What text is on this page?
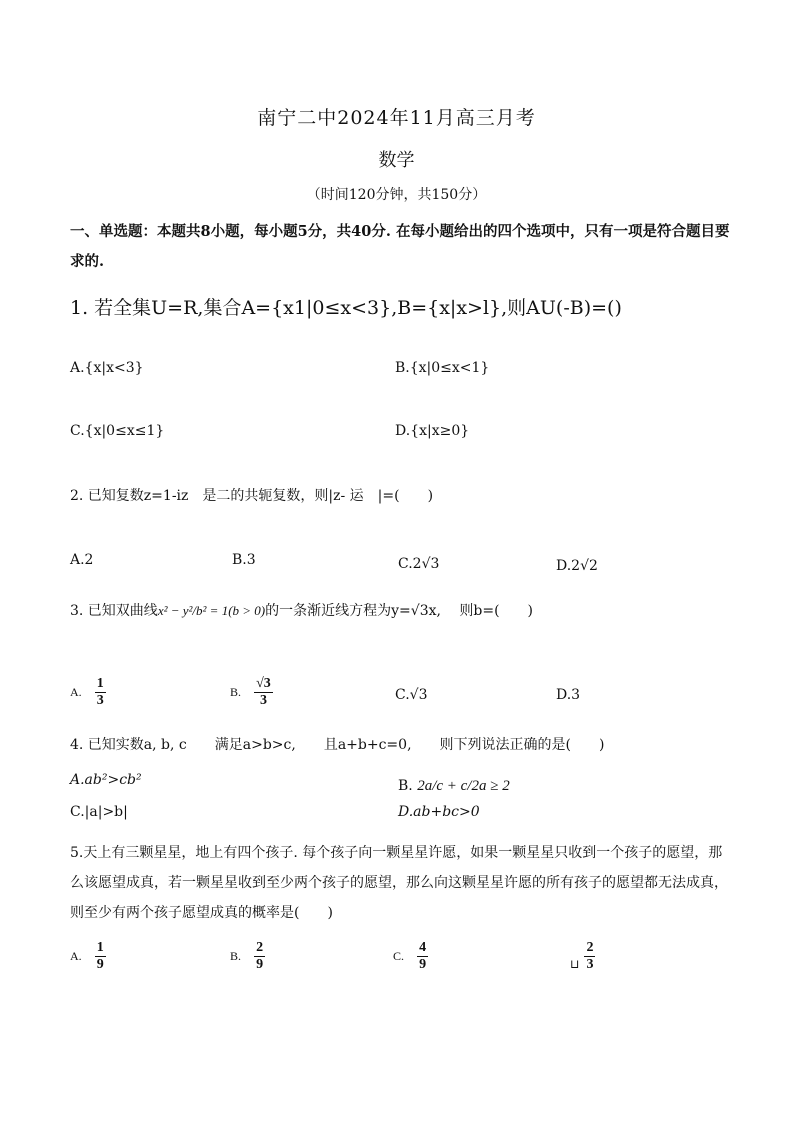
南宁二中2024年11月高三月考
数学
（时间120分钟，共150分）
一、单选题：本题共8小题，每小题5分，共40分. 在每小题给出的四个选项中，只有一项是符合题目要求的.
1. 若全集U=R,集合A={x1|0≤x<3},B={x|x>l},则AU(-B)=()
A.{x|x<3}	B.{x|0≤x<1}
C.{x|0≤x≤1}	D.{x|x≥0}
2. 已知复数z=1-iz　是二的共轭复数，则|z- 运　|=(　　)
A.2	B.3	C.2√3	D.2√2
3. 已知双曲线x² − y²/b² = 1(b > 0)的一条渐近线方程为y=√3x,　 则b=(　　)
A. $\frac{1}{3}$	B. $\frac{√3}{3}$	C.√3	D.3
4. 已知实数a, b, c　　满足a>b>c,　　且a+b+c=0,　　则下列说法正确的是(　　)
A.ab²>cb²	B. 2a/c + c/2a ≥ 2
C.|a|>b|	D.ab+bc>0
5.天上有三颗星星，地上有四个孩子. 每个孩子向一颗星星许愿，如果一颗星星只收到一个孩子的愿望，那么该愿望成真，若一颗星星收到至少两个孩子的愿望，那么向这颗星星许愿的所有孩子的愿望都无法成真，则至少有两个孩子愿望成真的概率是(　　)
A. $\frac{1}{9}$	B. $\frac{2}{9}$	C. $\frac{4}{9}$	$_⊔ \frac{2}{3}$
